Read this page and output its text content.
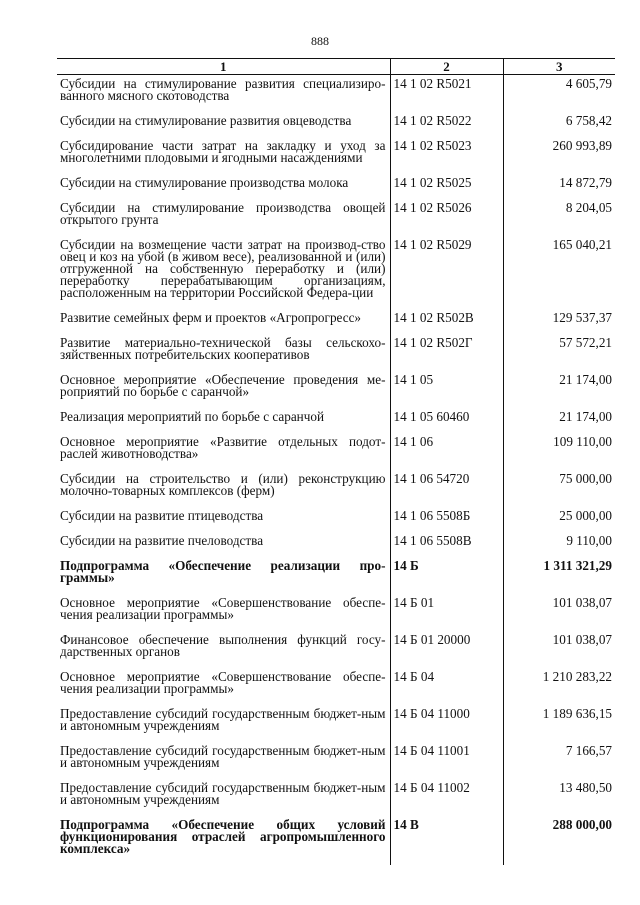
888
1	2	3
Субсидии на стимулирование развития специализиро-ванного мясного скотоводства	14 1 02 R5021	4 605,79
Субсидии на стимулирование развития овцеводства	14 1 02 R5022	6 758,42
Субсидирование части затрат на закладку и уход за многолетними плодовыми и ягодными насаждениями	14 1 02 R5023	260 993,89
Субсидии на стимулирование производства молока	14 1 02 R5025	14 872,79
Субсидии на стимулирование производства овощей открытого грунта	14 1 02 R5026	8 204,05
Субсидии на возмещение части затрат на производ-ство овец и коз на убой (в живом весе), реализованной и (или) отгруженной на собственную переработку и (или) переработку перерабатывающим организациям, расположенным на территории Российской Федера-ции	14 1 02 R5029	165 040,21
Развитие семейных ферм и проектов «Агропрогресс»	14 1 02 R502B	129 537,37
Развитие материально-технической базы сельскохо-зяйственных потребительских кооперативов	14 1 02 R502Г	57 572,21
Основное мероприятие «Обеспечение проведения ме-роприятий по борьбе с саранчой»	14 1 05	21 174,00
Реализация мероприятий по борьбе с саранчой	14 1 05 60460	21 174,00
Основное мероприятие «Развитие отдельных подот-раслей животноводства»	14 1 06	109 110,00
Субсидии на строительство и (или) реконструкцию молочно-товарных комплексов (ферм)	14 1 06 54720	75 000,00
Субсидии на развитие птицеводства	14 1 06 5508Б	25 000,00
Субсидии на развитие пчеловодства	14 1 06 5508В	9 110,00
Подпрограмма «Обеспечение реализации про-граммы»	14 Б	1 311 321,29
Основное мероприятие «Совершенствование обеспе-чения реализации программы»	14 Б 01	101 038,07
Финансовое обеспечение выполнения функций госу-дарственных органов	14 Б 01 20000	101 038,07
Основное мероприятие «Совершенствование обеспе-чения реализации программы»	14 Б 04	1 210 283,22
Предоставление субсидий государственным бюджет-ным и автономным учреждениям	14 Б 04 11000	1 189 636,15
Предоставление субсидий государственным бюджет-ным и автономным учреждениям	14 Б 04 11001	7 166,57
Предоставление субсидий государственным бюджет-ным и автономным учреждениям	14 Б 04 11002	13 480,50
Подпрограмма «Обеспечение общих условий функционирования отраслей агропромышленного комплекса»	14 В	288 000,00
